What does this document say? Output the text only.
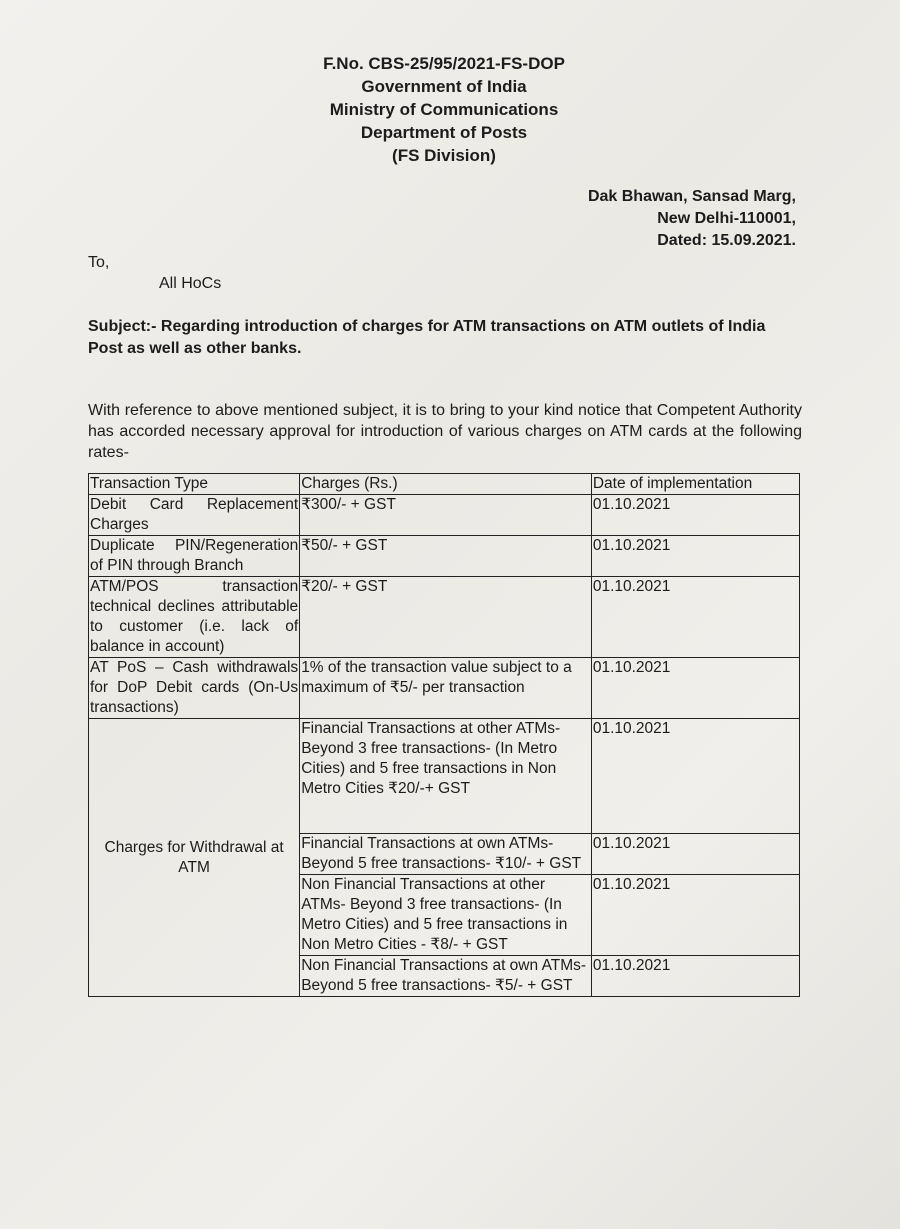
F.No. CBS-25/95/2021-FS-DOP
Government of India
Ministry of Communications
Department of Posts
(FS Division)
Dak Bhawan, Sansad Marg,
New Delhi-110001,
Dated: 15.09.2021.
To,
All HoCs
Subject:- Regarding introduction of charges for ATM transactions on ATM outlets of India Post as well as other banks.
With reference to above mentioned subject, it is to bring to your kind notice that Competent Authority has accorded necessary approval for introduction of various charges on ATM cards at the following rates-
Transaction Type	Charges (Rs.)	Date of implementation
Debit Card Replacement Charges	₹300/- + GST	01.10.2021
Duplicate PIN/Regeneration of PIN through Branch	₹50/- + GST	01.10.2021
ATM/POS transaction technical declines attributable to customer (i.e. lack of balance in account)	₹20/- + GST	01.10.2021
AT PoS – Cash withdrawals for DoP Debit cards (On-Us transactions)	1% of the transaction value subject to a maximum of ₹5/- per transaction	01.10.2021
Charges for Withdrawal at ATM	Financial Transactions at other ATMs-Beyond 3 free transactions- (In Metro Cities) and 5 free transactions in Non Metro Cities ₹20/-+ GST	01.10.2021
	Financial Transactions at own ATMs-Beyond 5 free transactions- ₹10/- + GST	01.10.2021
	Non Financial Transactions at other ATMs- Beyond 3 free transactions- (In Metro Cities) and 5 free transactions in Non Metro Cities - ₹8/- + GST	01.10.2021
	Non Financial Transactions at own ATMs- Beyond 5 free transactions- ₹5/- + GST	01.10.2021
